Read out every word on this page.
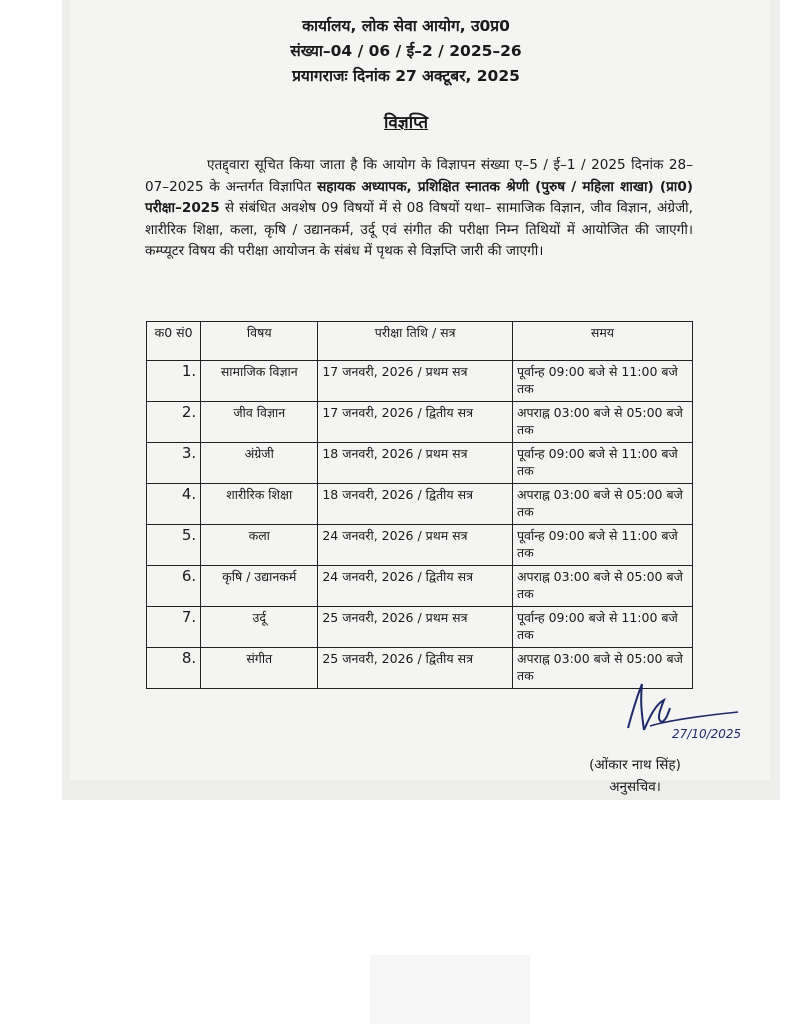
कार्यालय, लोक सेवा आयोग, उ0प्र0
संख्या–04 / 06 / ई–2 / 2025–26
प्रयागराजः दिनांक 27 अक्टूबर, 2025
विज्ञप्ति
एतद्द्वारा सूचित किया जाता है कि आयोग के विज्ञापन संख्या ए–5 / ई–1 / 2025 दिनांक 28–07–2025 के अन्तर्गत विज्ञापित सहायक अध्यापक, प्रशिक्षित स्नातक श्रेणी (पुरुष / महिला शाखा) (प्रा0) परीक्षा–2025 से संबंधित अवशेष 09 विषयों में से 08 विषयों यथा– सामाजिक विज्ञान, जीव विज्ञान, अंग्रेजी, शारीरिक शिक्षा, कला, कृषि / उद्यानकर्म, उर्दू एवं संगीत की परीक्षा निम्न तिथियों में आयोजित की जाएगी। कम्प्यूटर विषय की परीक्षा आयोजन के संबंध में पृथक से विज्ञप्ति जारी की जाएगी।
क0 सं0	विषय	परीक्षा तिथि / सत्र	समय
1.	सामाजिक विज्ञान	17 जनवरी, 2026 / प्रथम सत्र	पूर्वान्ह 09:00 बजे से 11:00 बजे तक
2.	जीव विज्ञान	17 जनवरी, 2026 / द्वितीय सत्र	अपराह्न 03:00 बजे से 05:00 बजे तक
3.	अंग्रेजी	18 जनवरी, 2026 / प्रथम सत्र	पूर्वान्ह 09:00 बजे से 11:00 बजे तक
4.	शारीरिक शिक्षा	18 जनवरी, 2026 / द्वितीय सत्र	अपराह्न 03:00 बजे से 05:00 बजे तक
5.	कला	24 जनवरी, 2026 / प्रथम सत्र	पूर्वान्ह 09:00 बजे से 11:00 बजे तक
6.	कृषि / उद्यानकर्म	24 जनवरी, 2026 / द्वितीय सत्र	अपराह्न 03:00 बजे से 05:00 बजे तक
7.	उर्दू	25 जनवरी, 2026 / प्रथम सत्र	पूर्वान्ह 09:00 बजे से 11:00 बजे तक
8.	संगीत	25 जनवरी, 2026 / द्वितीय सत्र	अपराह्न 03:00 बजे से 05:00 बजे तक
27/10/2025
(ओंकार नाथ सिंह)
अनुसचिव।
